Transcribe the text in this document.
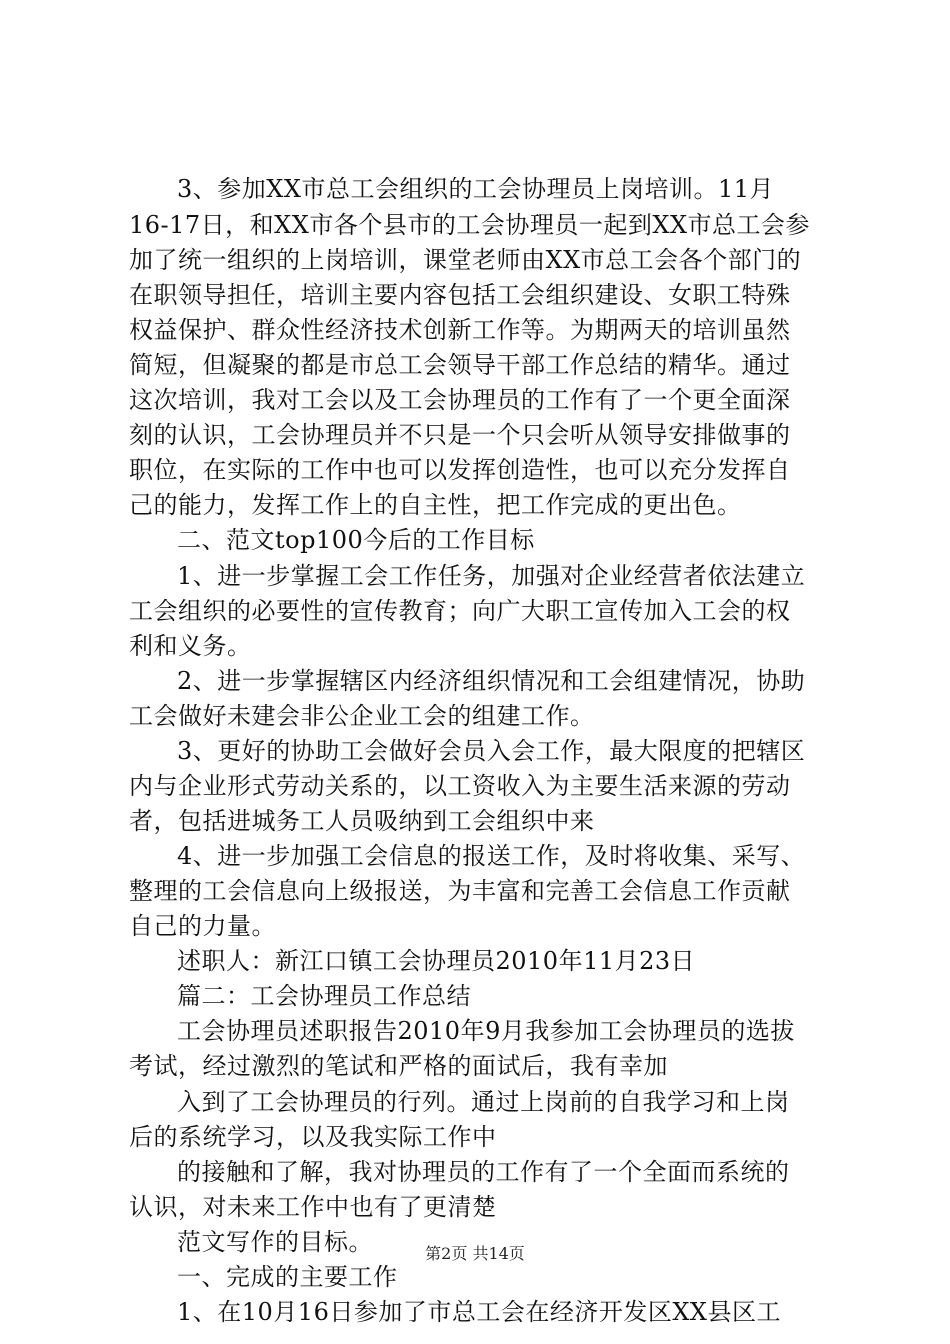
3、参加XX市总工会组织的工会协理员上岗培训。11月
16-17日，和XX市各个县市的工会协理员一起到XX市总工会参
加了统一组织的上岗培训，课堂老师由XX市总工会各个部门的
在职领导担任，培训主要内容包括工会组织建设、女职工特殊
权益保护、群众性经济技术创新工作等。为期两天的培训虽然
简短，但凝聚的都是市总工会领导干部工作总结的精华。通过
这次培训，我对工会以及工会协理员的工作有了一个更全面深
刻的认识，工会协理员并不只是一个只会听从领导安排做事的
职位，在实际的工作中也可以发挥创造性，也可以充分发挥自
己的能力，发挥工作上的自主性，把工作完成的更出色。
二、范文top100今后的工作目标
1、进一步掌握工会工作任务，加强对企业经营者依法建立
工会组织的必要性的宣传教育；向广大职工宣传加入工会的权
利和义务。
2、进一步掌握辖区内经济组织情况和工会组建情况，协助
工会做好未建会非公企业工会的组建工作。
3、更好的协助工会做好会员入会工作，最大限度的把辖区
内与企业形式劳动关系的，以工资收入为主要生活来源的劳动
者，包括进城务工人员吸纳到工会组织中来
4、进一步加强工会信息的报送工作，及时将收集、采写、
整理的工会信息向上级报送，为丰富和完善工会信息工作贡献
自己的力量。
述职人：新江口镇工会协理员2010年11月23日
篇二：工会协理员工作总结
工会协理员述职报告2010年9月我参加工会协理员的选拔
考试，经过激烈的笔试和严格的面试后，我有幸加
入到了工会协理员的行列。通过上岗前的自我学习和上岗
后的系统学习，以及我实际工作中
的接触和了解，我对协理员的工作有了一个全面而系统的
认识，对未来工作中也有了更清楚
范文写作的目标。
一、完成的主要工作
1、在10月16日参加了市总工会在经济开发区XX县区工
第2页 共14页
